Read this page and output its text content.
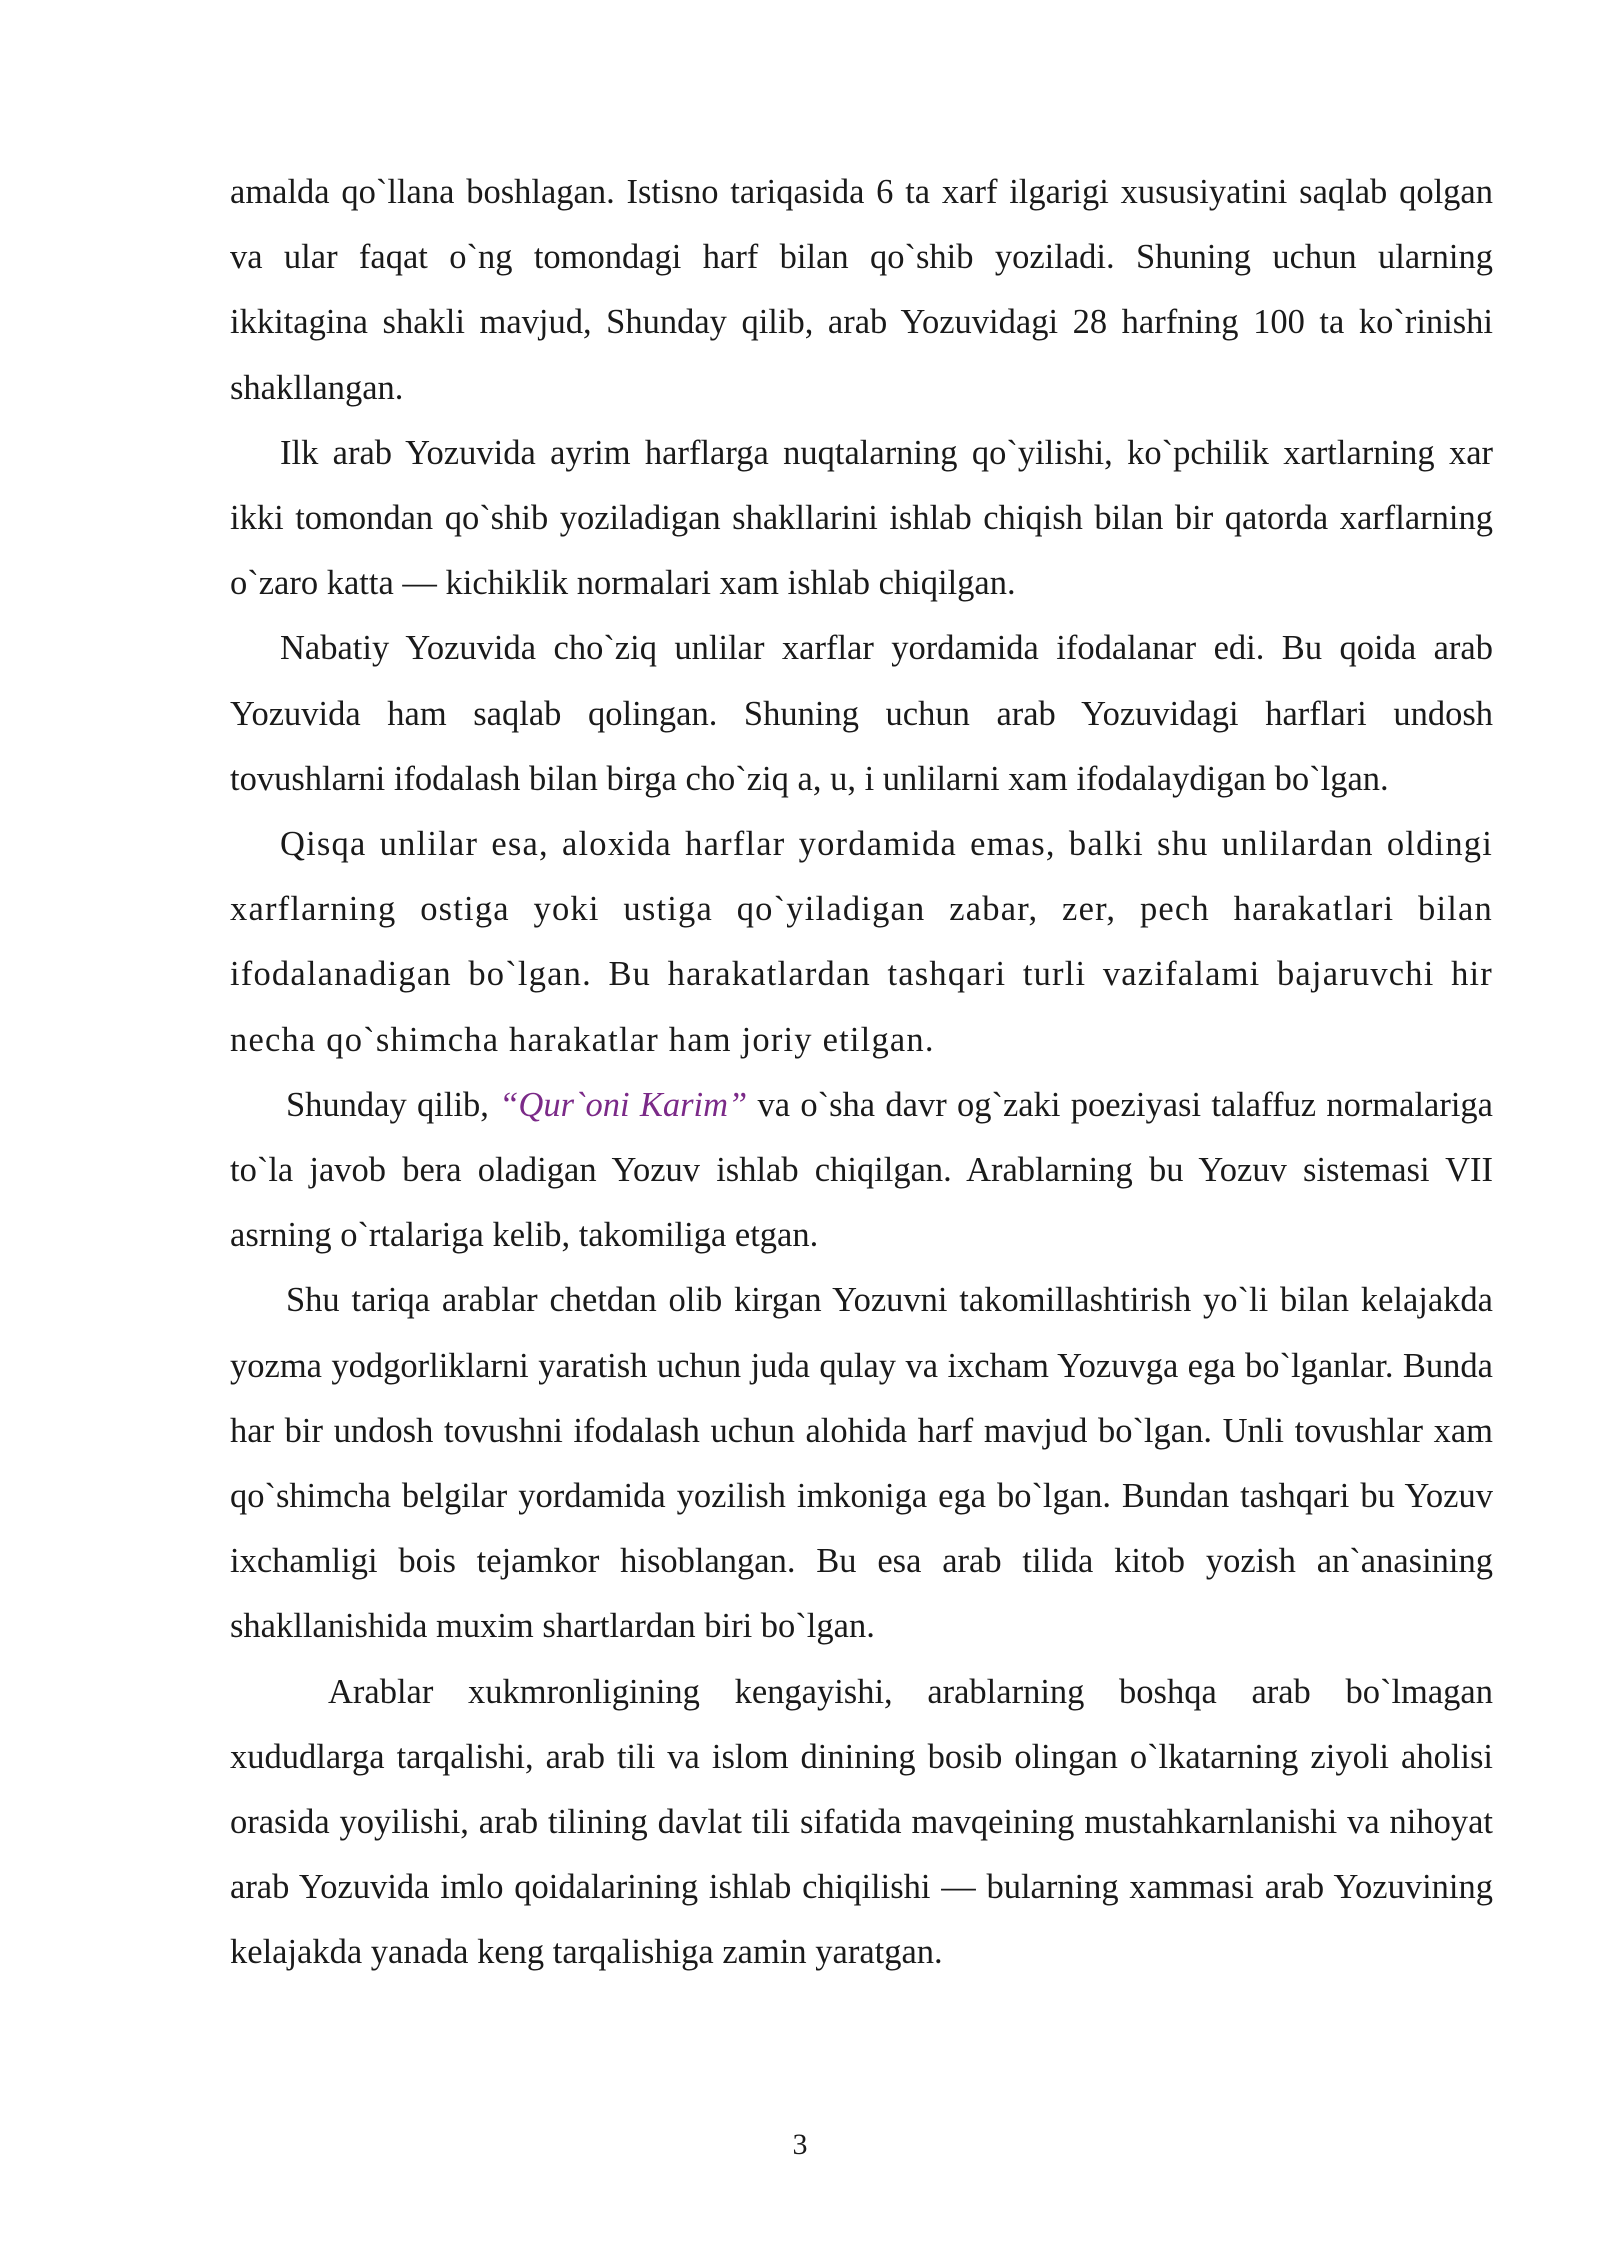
amalda qo`llana boshlagan. Istisno tariqasida 6 ta xarf ilgarigi xususiyatini saqlab qolgan va ular faqat o`ng tomondagi harf bilan qo`shib yoziladi. Shuning uchun ularning ikkitagina shakli mavjud, Shunday qilib, arab Yozuvidagi 28 harfning 100 ta ko`rinishi shakllangan.

Ilk arab Yozuvida ayrim harflarga nuqtalarning qo`yilishi, ko`pchilik xartlarning xar ikki tomondan qo`shib yoziladigan shakllarini ishlab chiqish bilan bir qatorda xarflarning o`zaro katta — kichiklik normalari xam ishlab chiqilgan.

Nabatiy Yozuvida cho`ziq unlilar xarflar yordamida ifodalanar edi. Bu qoida arab Yozuvida ham saqlab qolingan. Shuning uchun arab Yozuvidagi harflari undosh tovushlarni ifodalash bilan birga cho`ziq a, u, i unlilarni xam ifodalaydigan bo`lgan.

Qisqa unlilar esa, aloxida harflar yordamida emas, balki shu unlilardan oldingi xarflarning ostiga yoki ustiga qo`yiladigan zabar, zer, pech harakatlari bilan ifodalanadigan bo`lgan. Bu harakatlardan tashqari turli vazifalami bajaruvchi hir necha qo`shimcha harakatlar ham joriy etilgan.

Shunday qilib, “Qur`oni Karim” va o`sha davr og`zaki poeziyasi talaffuz normalariga to`la javob bera oladigan Yozuv ishlab chiqilgan. Arablarning bu Yozuv sistemasi VII asrning o`rtalariga kelib, takomiliga etgan.

Shu tariqa arablar chetdan olib kirgan Yozuvni takomillashtirish yo`li bilan kelajakda yozma yodgorliklarni yaratish uchun juda qulay va ixcham Yozuvga ega bo`lganlar. Bunda har bir undosh tovushni ifodalash uchun alohida harf mavjud bo`lgan. Unli tovushlar xam qo`shimcha belgilar yordamida yozilish imkoniga ega bo`lgan. Bundan tashqari bu Yozuv ixchamligi bois tejamkor hisoblangan. Bu esa arab tilida kitob yozish an`anasining shakllanishida muxim shartlardan biri bo`lgan.

Arablar xukmronligining kengayishi, arablarning boshqa arab bo`lmagan xududlarga tarqalishi, arab tili va islom dinining bosib olingan o`lkatarning ziyoli aholisi orasida yoyilishi, arab tilining davlat tili sifatida mavqeining mustahkarnlanishi va nihoyat arab Yozuvida imlo qoidalarining ishlab chiqilishi — bularning xammasi arab Yozuvining kelajakda yanada keng tarqalishiga zamin yaratgan.

3
